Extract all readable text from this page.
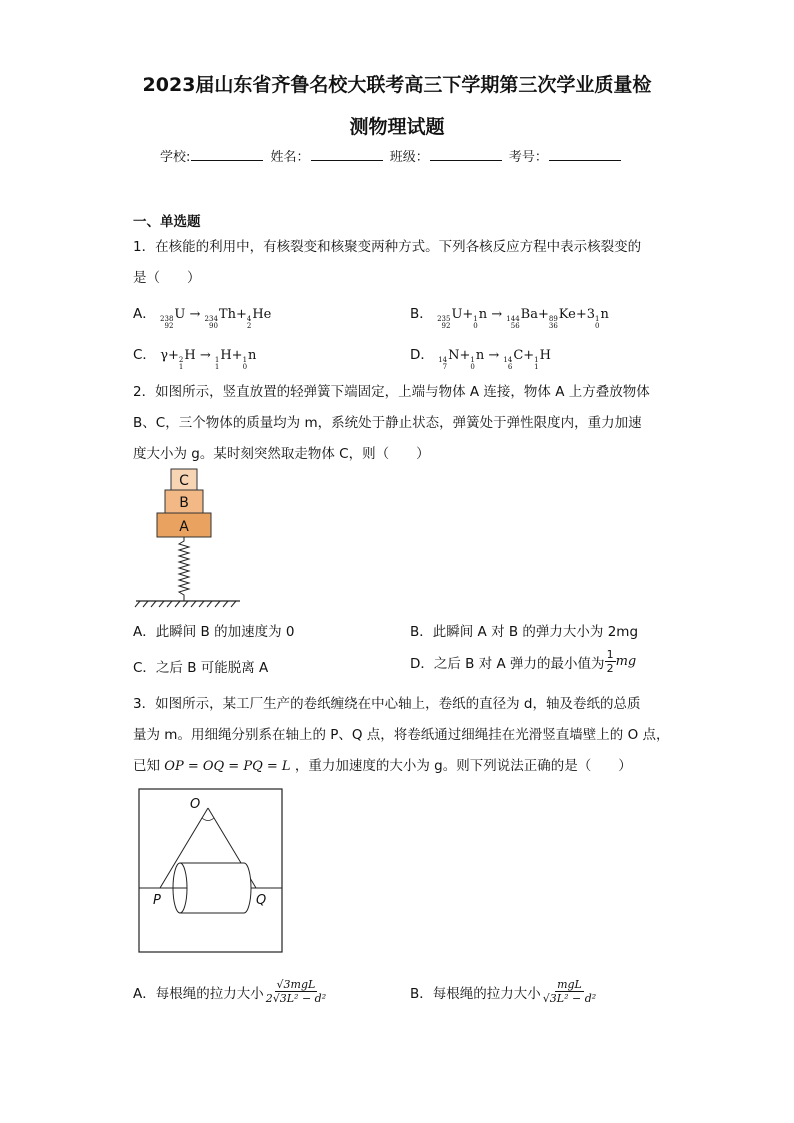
2023届山东省齐鲁名校大联考高三下学期第三次学业质量检
测物理试题
学校:	姓名：	班级：	考号：
一、单选题
1．在核能的利用中，有核裂变和核聚变两种方式。下列各核反应方程中表示核裂变的
是（　　）
A． 238
92
U → 234
90
Th+ 4
2
He	B． 235
92
U+ 1
0
n → 144
56
Ba+ 89
36
Ke+3 1
0
n
C． γ+ 2
1
H → 1
1
H+ 1
0
n	D． 14
7
N+ 1
0
n → 14
6
C+ 1
1
H
2．如图所示，竖直放置的轻弹簧下端固定，上端与物体 A 连接，物体 A 上方叠放物体
B、C，三个物体的质量均为 m，系统处于静止状态，弹簧处于弹性限度内，重力加速
度大小为 g。某时刻突然取走物体 C，则（　　）
C
B
A
A．此瞬间 B 的加速度为 0	B．此瞬间 A 对 B 的弹力大小为 2mg
C．之后 B 可能脱离 A	D．之后 B 对 A 弹力的最小值为 $\frac{1}{2}$ mg
3．如图所示，某工厂生产的卷纸缠绕在中心轴上，卷纸的直径为 d，轴及卷纸的总质
量为 m。用细绳分别系在轴上的 P、Q 点，将卷纸通过细绳挂在光滑竖直墙壁上的 O 点，
已知 OP = OQ = PQ = L ，重力加速度的大小为 g。则下列说法正确的是（　　）
O
P	Q
A．每根绳的拉力大小 $\frac{\text{√3mgL}}{\text{2√3L² − d²}}$	B．每根绳的拉力大小 $\frac{\text{mgL}}{\text{√3L² − d²}}$
